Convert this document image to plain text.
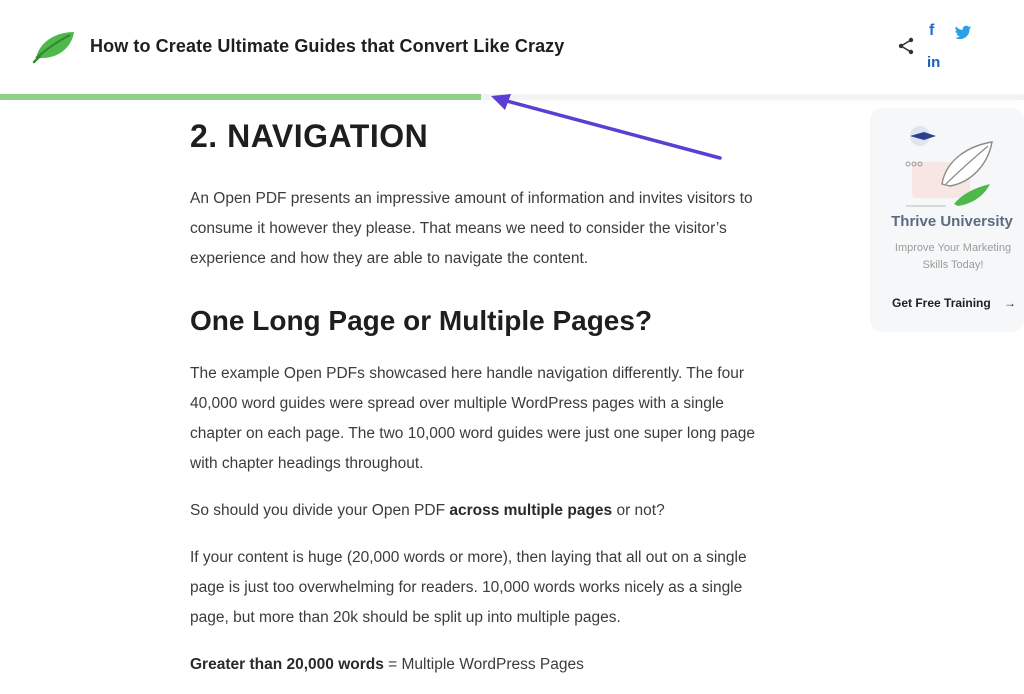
How to Create Ultimate Guides that Convert Like Crazy
f
in
2. NAVIGATION

An Open PDF presents an impressive amount of information and invites visitors to
consume it however they please. That means we need to consider the visitor’s
experience and how they are able to navigate the content.

One Long Page or Multiple Pages?

The example Open PDFs showcased here handle navigation differently. The four
40,000 word guides were spread over multiple WordPress pages with a single
chapter on each page. The two 10,000 word guides were just one super long page
with chapter headings throughout.

So should you divide your Open PDF across multiple pages or not?

If your content is huge (20,000 words or more), then laying that all out on a single
page is just too overwhelming for readers. 10,000 words works nicely as a single
page, but more than 20k should be split up into multiple pages.

Greater than 20,000 words = Multiple WordPress Pages

Thrive University
Improve Your Marketing
Skills Today!
Get Free Training →
